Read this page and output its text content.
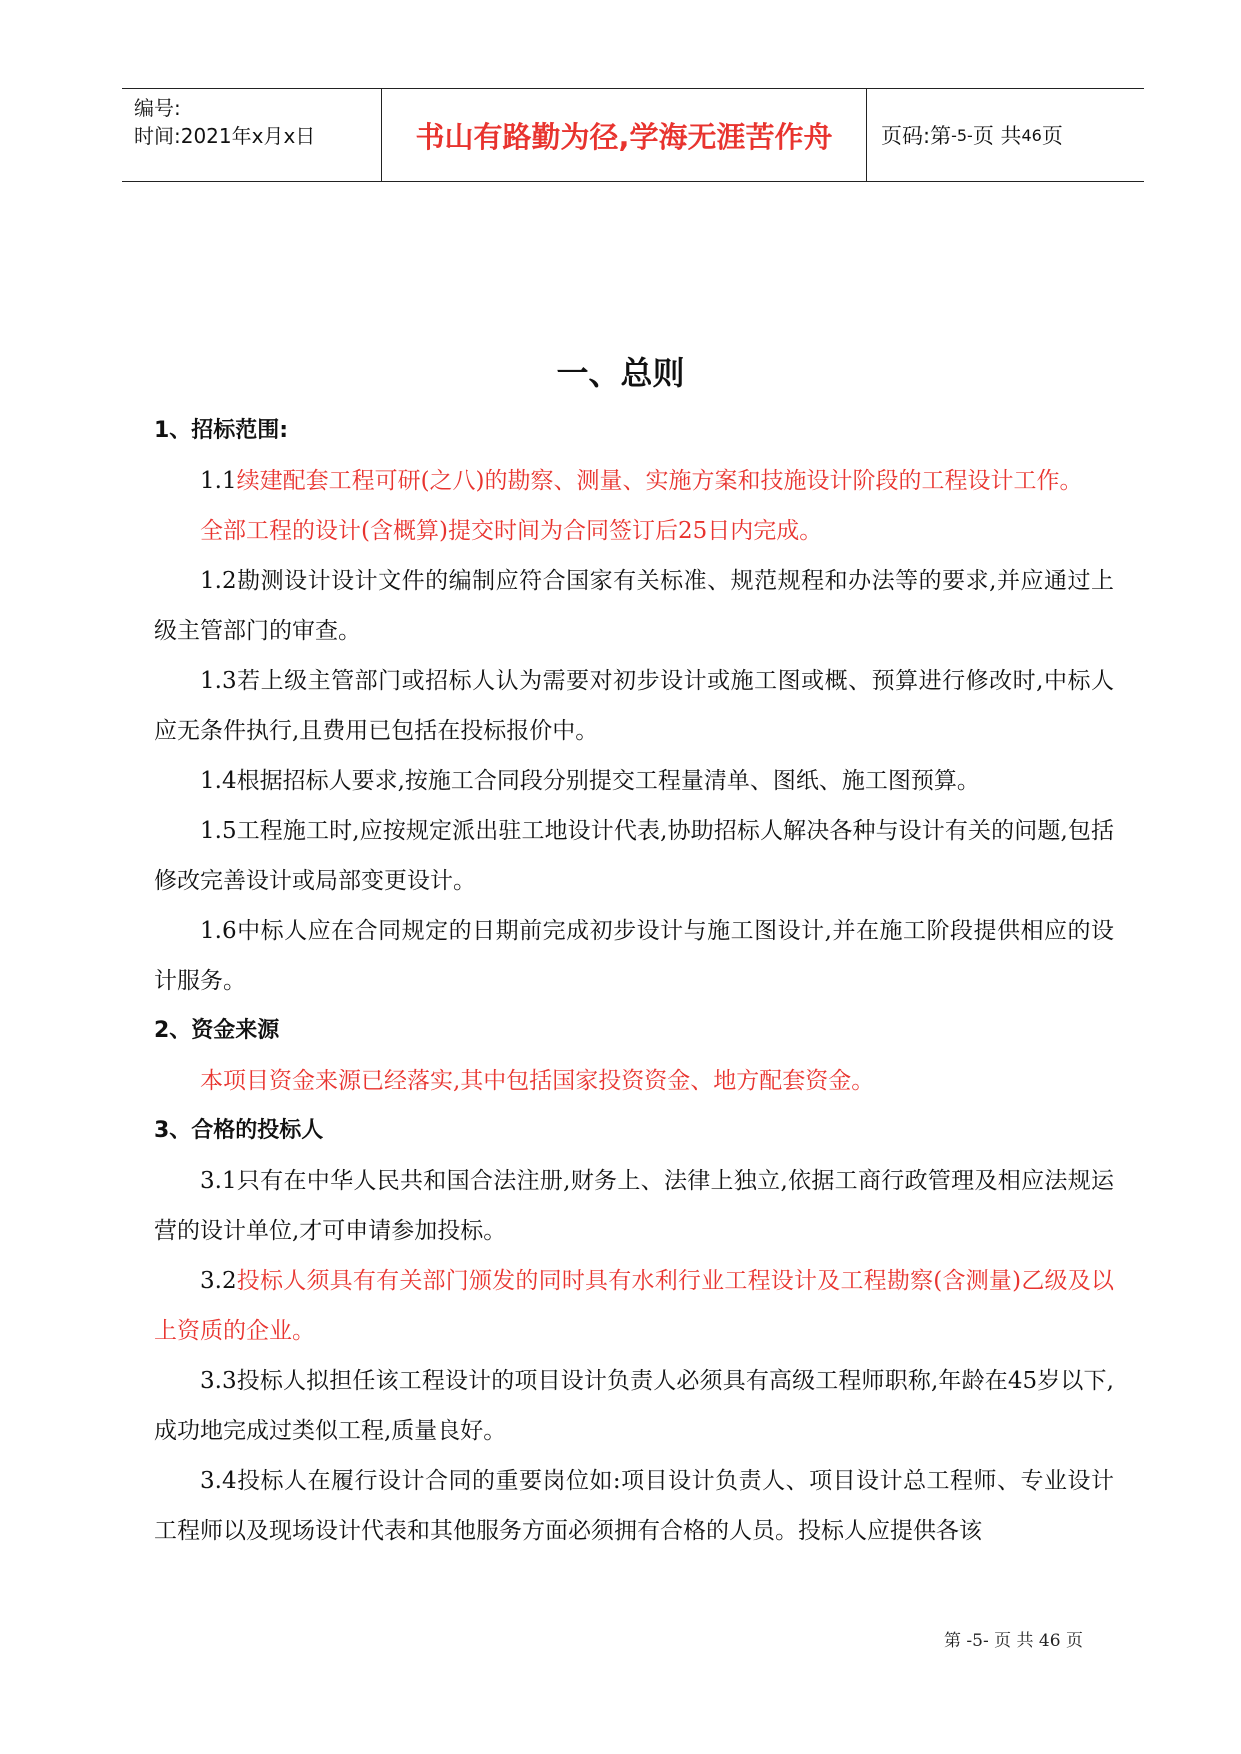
编号:
时间:2021年x月x日	书山有路勤为径,学海无涯苦作舟	页码:第 -5- 页 共 46 页
一、总则

1、招标范围:

1.1续建配套工程可研(之八)的勘察、测量、实施方案和技施设计阶段的工程设计工作。

全部工程的设计(含概算)提交时间为合同签订后25日内完成。

1.2勘测设计设计文件的编制应符合国家有关标准、规范规程和办法等的要求,并应通过上级主管部门的审查。

1.3若上级主管部门或招标人认为需要对初步设计或施工图或概、预算进行修改时,中标人应无条件执行,且费用已包括在投标报价中。

1.4根据招标人要求,按施工合同段分别提交工程量清单、图纸、施工图预算。

1.5工程施工时,应按规定派出驻工地设计代表,协助招标人解决各种与设计有关的问题,包括修改完善设计或局部变更设计。

1.6中标人应在合同规定的日期前完成初步设计与施工图设计,并在施工阶段提供相应的设计服务。

2、资金来源

本项目资金来源已经落实,其中包括国家投资资金、地方配套资金。

3、合格的投标人

3.1只有在中华人民共和国合法注册,财务上、法律上独立,依据工商行政管理及相应法规运营的设计单位,才可申请参加投标。

3.2投标人须具有有关部门颁发的同时具有水利行业工程设计及工程勘察(含测量)乙级及以上资质的企业。

3.3投标人拟担任该工程设计的项目设计负责人必须具有高级工程师职称,年龄在45岁以下,成功地完成过类似工程,质量良好。

3.4投标人在履行设计合同的重要岗位如:项目设计负责人、项目设计总工程师、专业设计工程师以及现场设计代表和其他服务方面必须拥有合格的人员。投标人应提供各该

第 -5- 页 共 46 页
